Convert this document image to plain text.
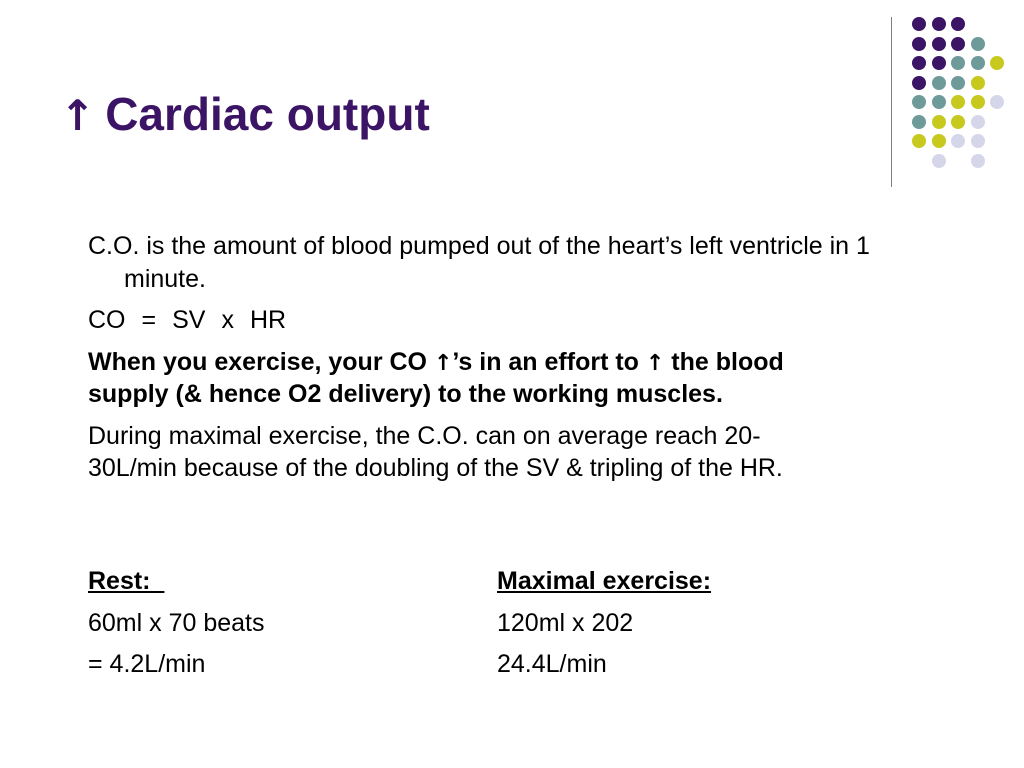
↑ Cardiac output

C.O. is the amount of blood pumped out of the heart’s left ventricle in 1 minute.

CO = SV x HR

When you exercise, your CO ↑’s in an effort to ↑ the blood

supply (& hence O2 delivery) to the working muscles.

During maximal exercise, the C.O. can on average reach 20-

30L/min because of the doubling of the SV & tripling of the HR.

Rest:
60ml x 70 beats
= 4.2L/min
Maximal exercise:
120ml x 202
24.4L/min
